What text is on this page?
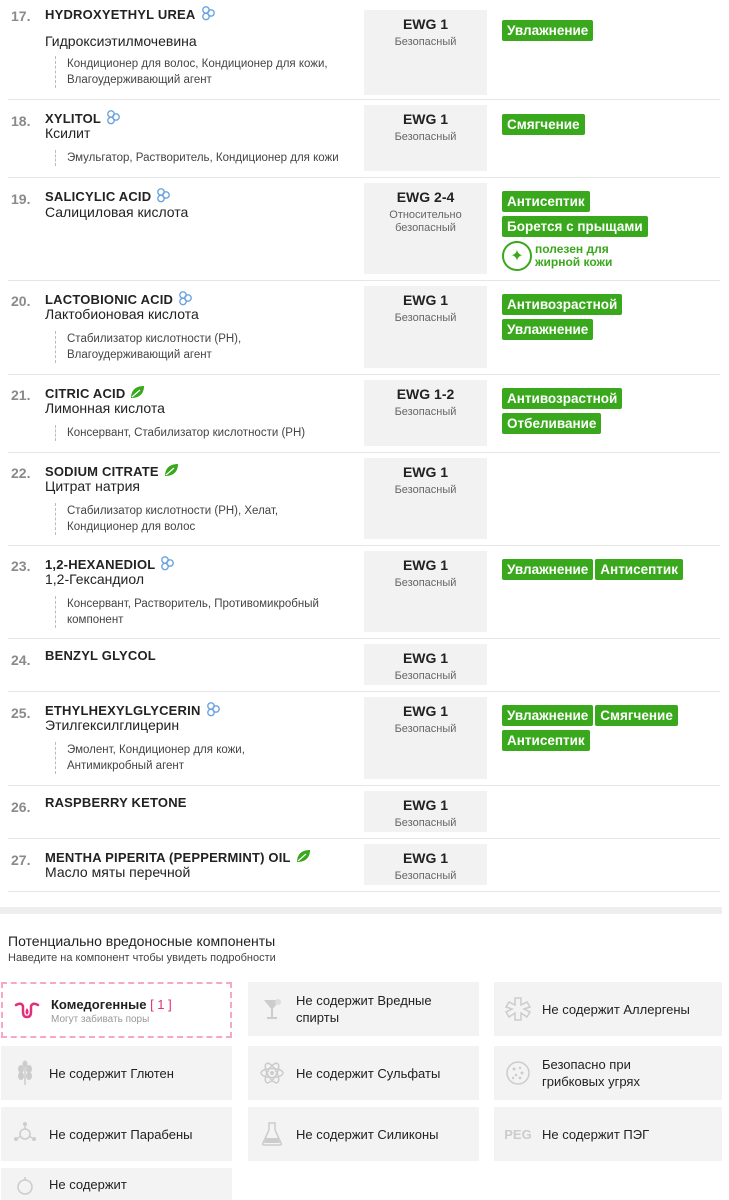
17. HYDROXYETHYL UREA
Гидроксиэтилмочевина
Кондиционер для волос, Кондиционер для кожи, Влагоудерживающий агент
EWG 1
Безопасный
Увлажнение
18. XYLITOL
Ксилит
Эмульгатор, Растворитель, Кондиционер для кожи
EWG 1
Безопасный
Смягчение
19. SALICYLIC ACID
Салициловая кислота
EWG 2-4
Относительно безопасный
Антисептик
Борется с прыщами
✦ полезен для жирной кожи
20. LACTOBIONIC ACID
Лактобионовая кислота
Стабилизатор кислотности (PH), Влагоудерживающий агент
EWG 1
Безопасный
Антивозрастной
Увлажнение
21. CITRIC ACID
Лимонная кислота
Консервант, Стабилизатор кислотности (PH)
EWG 1-2
Безопасный
Антивозрастной
Отбеливание
22. SODIUM CITRATE
Цитрат натрия
Стабилизатор кислотности (PH), Хелат, Кондиционер для волос
EWG 1
Безопасный
23. 1,2-HEXANEDIOL
1,2-Гександиол
Консервант, Растворитель, Противомикробный компонент
EWG 1
Безопасный
Увлажнение Антисептик
24. BENZYL GLYCOL	EWG 1
Безопасный
25. ETHYLHEXYLGLYCERIN
Этилгексилглицерин
Эмолент, Кондиционер для кожи, Антимикробный агент
EWG 1
Безопасный
Увлажнение Смягчение
Антисептик
26. RASPBERRY KETONE	EWG 1
Безопасный
27. MENTHA PIPERITA (PEPPERMINT) OIL
Масло мяты перечной
EWG 1
Безопасный
Потенциально вредоносные компоненты
Наведите на компонент чтобы увидеть подробности
Комедогенные [ 1 ]
Могут забивать поры
Не содержит Вредные спирты
Не содержит Аллергены
Не содержит Глютен	Не содержит Сульфаты
Безопасно при грибковых угрях
Не содержит Парабены	Не содержит Силиконы	PEG Не содержит ПЭГ
Не содержит
